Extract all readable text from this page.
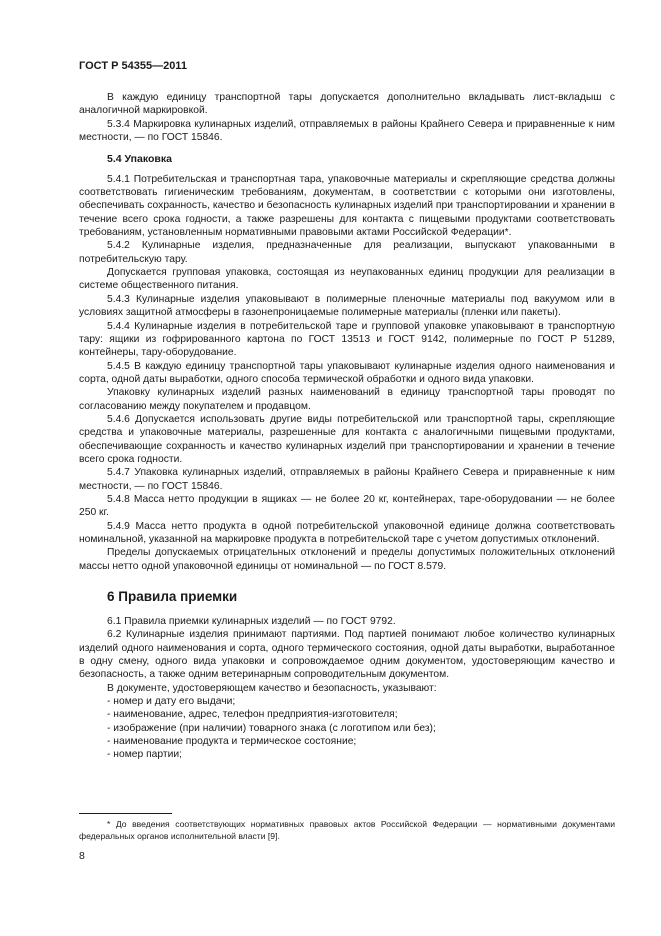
ГОСТ Р 54355—2011

В каждую единицу транспортной тары допускается дополнительно вкладывать лист-вкладыш с аналогичной маркировкой.

5.3.4 Маркировка кулинарных изделий, отправляемых в районы Крайнего Севера и приравненные к ним местности, — по ГОСТ 15846.

5.4 Упаковка

5.4.1 Потребительская и транспортная тара, упаковочные материалы и скрепляющие средства должны соответствовать гигиеническим требованиям, документам, в соответствии с которыми они изготовлены, обеспечивать сохранность, качество и безопасность кулинарных изделий при транспортировании и хранении в течение всего срока годности, а также разрешены для контакта с пищевыми продуктами соответствовать требованиям, установленным нормативными правовыми актами Российской Федерации*.

5.4.2 Кулинарные изделия, предназначенные для реализации, выпускают упакованными в потребительскую тару.

Допускается групповая упаковка, состоящая из неупакованных единиц продукции для реализации в системе общественного питания.

5.4.3 Кулинарные изделия упаковывают в полимерные пленочные материалы под вакуумом или в условиях защитной атмосферы в газонепроницаемые полимерные материалы (пленки или пакеты).

5.4.4 Кулинарные изделия в потребительской таре и групповой упаковке упаковывают в транспортную тару: ящики из гофрированного картона по ГОСТ 13513 и ГОСТ 9142, полимерные по ГОСТ Р 51289, контейнеры, тару-оборудование.

5.4.5 В каждую единицу транспортной тары упаковывают кулинарные изделия одного наименования и сорта, одной даты выработки, одного способа термической обработки и одного вида упаковки.

Упаковку кулинарных изделий разных наименований в единицу транспортной тары проводят по согласованию между покупателем и продавцом.

5.4.6 Допускается использовать другие виды потребительской или транспортной тары, скрепляющие средства и упаковочные материалы, разрешенные для контакта с аналогичными пищевыми продуктами, обеспечивающие сохранность и качество кулинарных изделий при транспортировании и хранении в течение всего срока годности.

5.4.7 Упаковка кулинарных изделий, отправляемых в районы Крайнего Севера и приравненные к ним местности, — по ГОСТ 15846.

5.4.8 Масса нетто продукции в ящиках — не более 20 кг, контейнерах, таре-оборудовании — не более 250 кг.

5.4.9 Масса нетто продукта в одной потребительской упаковочной единице должна соответствовать номинальной, указанной на маркировке продукта в потребительской таре с учетом допустимых отклонений.

Пределы допускаемых отрицательных отклонений и пределы допустимых положительных отклонений массы нетто одной упаковочной единицы от номинальной — по ГОСТ 8.579.

6 Правила приемки

6.1 Правила приемки кулинарных изделий — по ГОСТ 9792.

6.2 Кулинарные изделия принимают партиями. Под партией понимают любое количество кулинарных изделий одного наименования и сорта, одного термического состояния, одной даты выработки, выработанное в одну смену, одного вида упаковки и сопровождаемое одним документом, удостоверяющим качество и безопасность, а также одним ветеринарным сопроводительным документом.

В документе, удостоверяющем качество и безопасность, указывают:

- номер и дату его выдачи;

- наименование, адрес, телефон предприятия-изготовителя;

- изображение (при наличии) товарного знака (с логотипом или без);

- наименование продукта и термическое состояние;

- номер партии;

* До введения соответствующих нормативных правовых актов Российской Федерации — нормативными документами федеральных органов исполнительной власти [9].
8
